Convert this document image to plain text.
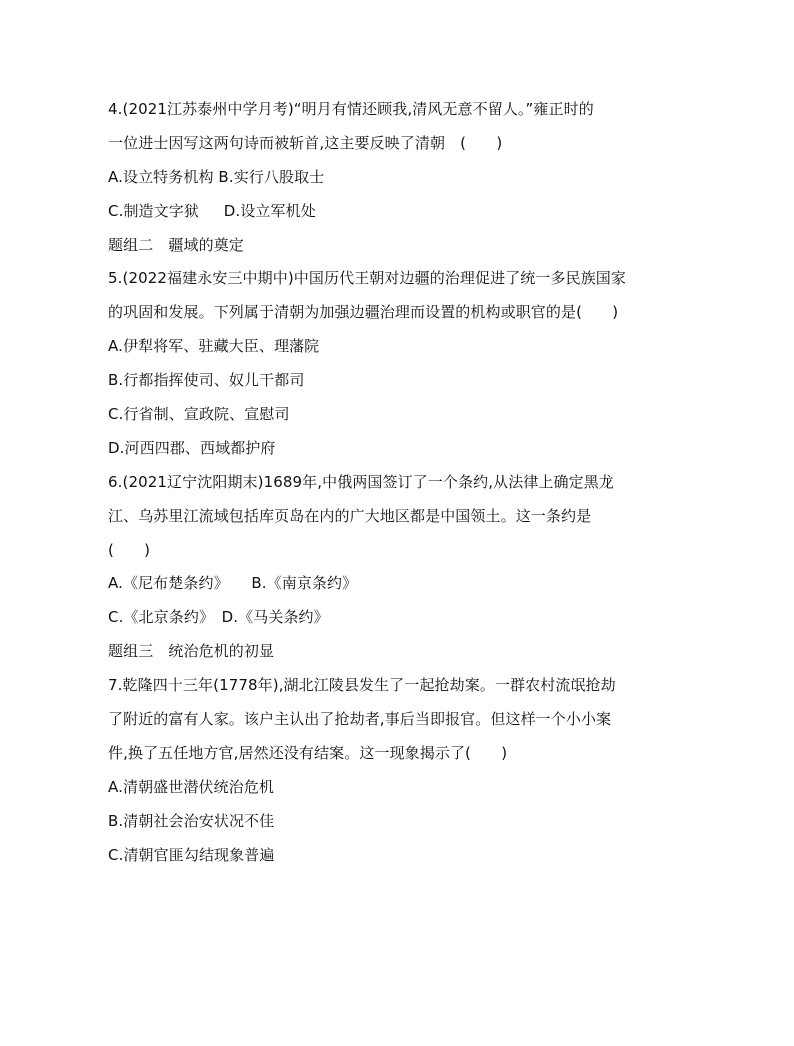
4.(2021江苏泰州中学月考)“明月有情还顾我,清风无意不留人。”雍正时的
一位进士因写这两句诗而被斩首,这主要反映了清朝　(　　)
A.设立特务机构 B.实行八股取士
C.制造文字狱 　 D.设立军机处
题组二　疆域的奠定
5.(2022福建永安三中期中)中国历代王朝对边疆的治理促进了统一多民族国家
的巩固和发展。下列属于清朝为加强边疆治理而设置的机构或职官的是(　　)
A.伊犁将军、驻藏大臣、理藩院
B.行都指挥使司、奴儿干都司
C.行省制、宣政院、宣慰司
D.河西四郡、西域都护府
6.(2021辽宁沈阳期末)1689年,中俄两国签订了一个条约,从法律上确定黑龙
江、乌苏里江流域包括库页岛在内的广大地区都是中国领土。这一条约是
(　　)
A.《尼布楚条约》　　B.《南京条约》
C.《北京条约》　D.《马关条约》
题组三　统治危机的初显
7.乾隆四十三年(1778年),湖北江陵县发生了一起抢劫案。一群农村流氓抢劫
了附近的富有人家。该户主认出了抢劫者,事后当即报官。但这样一个小小案
件,换了五任地方官,居然还没有结案。这一现象揭示了(　　)
A.清朝盛世潜伏统治危机
B.清朝社会治安状况不佳
C.清朝官匪勾结现象普遍
